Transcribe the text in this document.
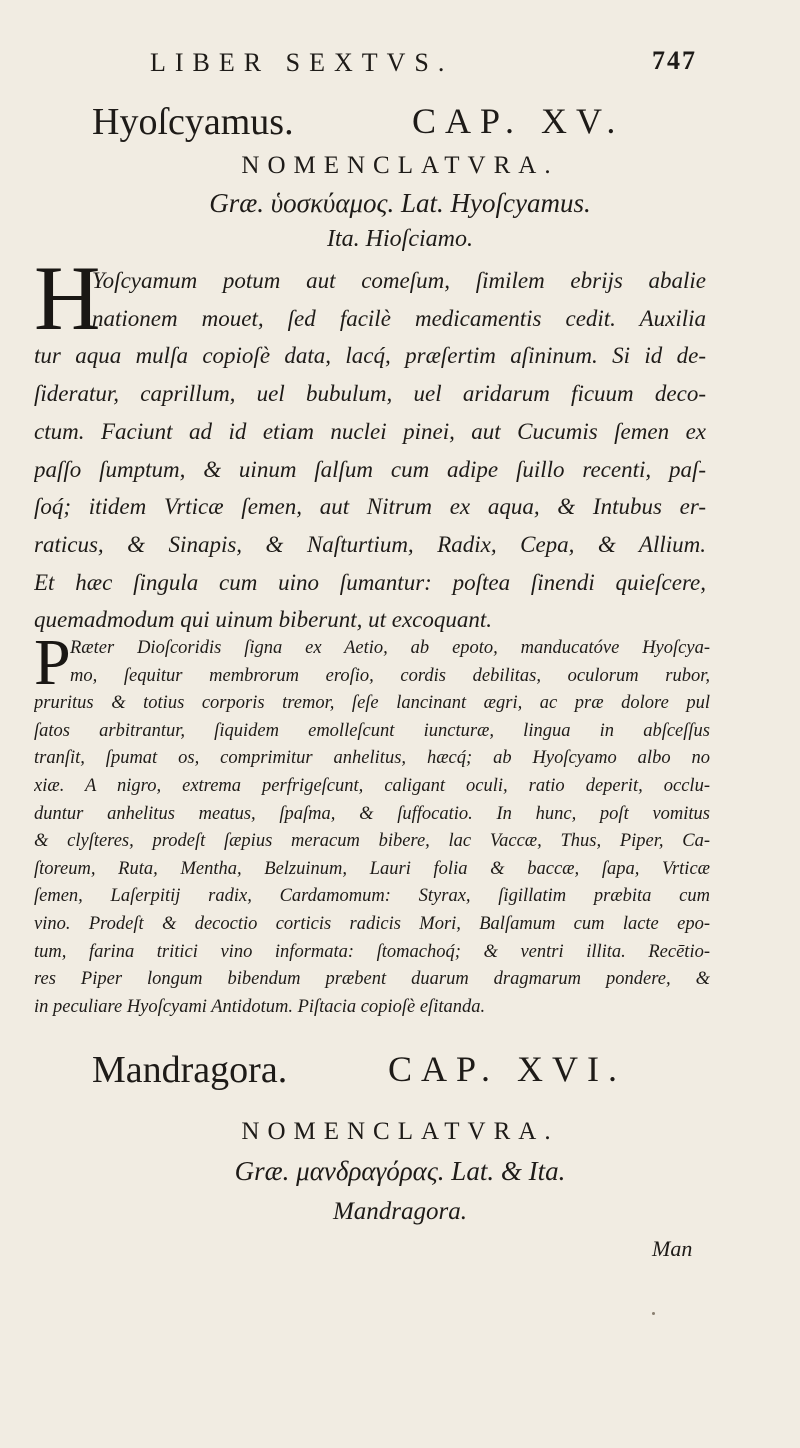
LIBER SEXTVS.	747
Hyoſcyamus.	CAP. XV.
NOMENCLATVRA.
Græ. ὑοσκύαμος. Lat. Hyoſcyamus.
Ita. Hioſciamo.
H
Yoſcyamum potum aut comeſum, ſimilem ebrijs abalie
nationem mouet, ſed facilè medicamentis cedit. Auxilia
tur aqua mulſa copioſè data, lacq́, præſertim aſininum. Si id de-
ſideratur, caprillum, uel bubulum, uel aridarum ficuum deco-
ctum. Faciunt ad id etiam nuclei pinei, aut Cucumis ſemen ex
paſſo ſumptum, & uinum ſalſum cum adipe ſuillo recenti, paſ-
ſoq́; itidem Vrticæ ſemen, aut Nitrum ex aqua, & Intubus er-
raticus, & Sinapis, & Naſturtium, Radix, Cepa, & Allium.
Et hæc ſingula cum uino ſumantur: poſtea ſinendi quieſcere,
quemadmodum qui uinum biberunt, ut excoquant.
P Ræter Dioſcoridis ſigna ex Aetio, ab epoto, manducatóve Hyoſcya-
mo, ſequitur membrorum eroſio, cordis debilitas, oculorum rubor,
pruritus & totius corporis tremor, ſeſe lancinant ægri, ac præ dolore pul
ſatos arbitrantur, ſiquidem emolleſcunt iuncturæ, lingua in abſceſſus
tranſit, ſpumat os, comprimitur anhelitus, hæcq́; ab Hyoſcyamo albo no
xiæ. A nigro, extrema perfrigeſcunt, caligant oculi, ratio deperit, occlu-
duntur anhelitus meatus, ſpaſma, & ſuffocatio. In hunc, poſt vomitus
& clyſteres, prodeſt ſæpius meracum bibere, lac Vaccæ, Thus, Piper, Ca-
ſtoreum, Ruta, Mentha, Belzuinum, Lauri folia & baccæ, ſapa, Vrticæ
ſemen, Laſerpitij radix, Cardamomum: Styrax, ſigillatim præbita cum
vino. Prodeſt & decoctio corticis radicis Mori, Balſamum cum lacte epo-
tum, farina tritici vino informata: ſtomachoq́; & ventri illita. Recētio-
res Piper longum bibendum præbent duarum dragmarum pondere, &
in peculiare Hyoſcyami Antidotum. Piſtacia copioſè eſitanda.
Mandragora.	CAP. XVI.
NOMENCLATVRA.
Græ. μανδραγόρας. Lat. & Ita.
Mandragora.
Man
